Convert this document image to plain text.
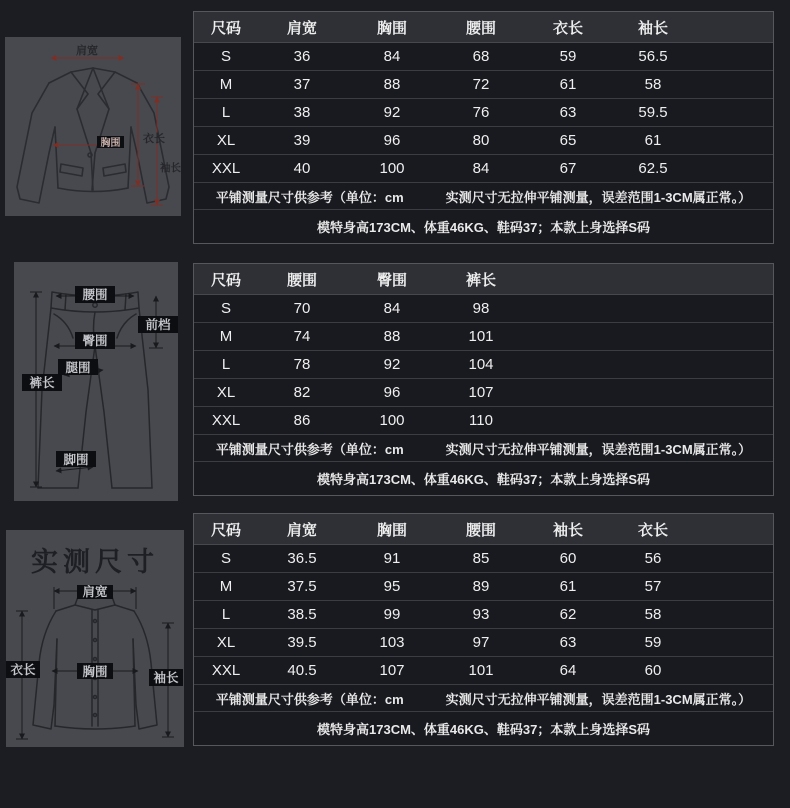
肩宽
胸围 衣长
袖长
腰围
前档
臀围
腿围
裤长
脚围
实测尺寸
肩宽
衣长	胸围	袖长
尺码	肩宽	胸围	腰围	衣长	袖长
S	36	84	68	59	56.5
M	37	88	72	61	58
L	38	92	76	63	59.5
XL	39	96	80	65	61
XXL	40	100	84	67	62.5
平铺测量尺寸供参考（单位：cm	实测尺寸无拉伸平铺测量，误差范围1-3CM属正常。）
模特身高173CM、体重46KG、鞋码37；本款上身选择S码
尺码	腰围	臀围	裤长
S	70	84	98
M	74	88	101
L	78	92	104
XL	82	96	107
XXL	86	100	110
平铺测量尺寸供参考（单位：cm	实测尺寸无拉伸平铺测量，误差范围1-3CM属正常。）
模特身高173CM、体重46KG、鞋码37；本款上身选择S码
尺码	肩宽	胸围	腰围	袖长	衣长
S	36.5	91	85	60	56
M	37.5	95	89	61	57
L	38.5	99	93	62	58
XL	39.5	103	97	63	59
XXL	40.5	107	101	64	60
平铺测量尺寸供参考（单位：cm	实测尺寸无拉伸平铺测量，误差范围1-3CM属正常。）
模特身高173CM、体重46KG、鞋码37；本款上身选择S码
